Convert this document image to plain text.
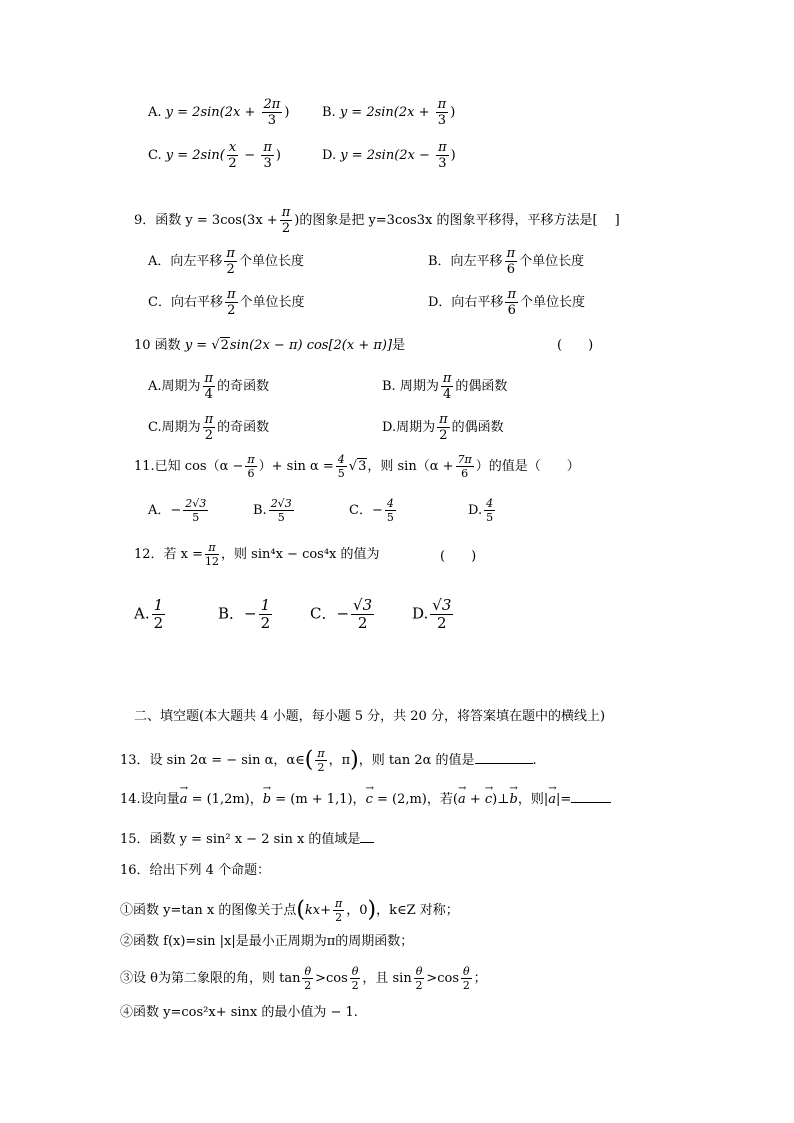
A. $y = 2\sin(2x + \frac{2\pi}{3}$ )	B. $y = 2\sin(2x + \frac{\pi}{3}$ )
C. $y = 2\sin( \frac{x}{2} - \frac{\pi}{3}$ )	D. $y = 2\sin(2x - \frac{\pi}{3}$ )
9．函数 $y = 3\cos(3x + \frac{\pi}{2}$ )的图象是把 y=3cos3x 的图象平移得，平移方法是[　 ]
A．向左平移 $\frac{\pi}{2}$ 个单位长度	B．向左平移 $\frac{\pi}{6}$ 个单位长度
C．向右平移 $\frac{\pi}{2}$ 个单位长度	D．向右平移 $\frac{\pi}{6}$ 个单位长度
10 函数 y = √2sin(2x − π) cos[2(x + π)]是	(　　)
A.周期为 $\frac{\pi}{4}$ 的奇函数	B. 周期为 $\frac{\pi}{4}$ 的偶函数
C.周期为 $\frac{\pi}{2}$ 的奇函数	D.周期为 $\frac{\pi}{2}$ 的偶函数
11.已知 $\cos(\alpha - \frac{\pi}{6}$ ）+ $\sin \alpha = \frac{4}{5} √3$，则 $\sin(\alpha + \frac{7\pi}{6}$ ）的值是（　　）
A．− $\frac{2√3}{5}$	B. $\frac{2√3}{5}$	C．− $\frac{4}{5}$	D. $\frac{4}{5}$
12．若 $x = \frac{\pi}{12}$ ，则 sin⁴x − cos⁴x 的值为	(　　)
A. $\frac{1}{2}$	B．− $\frac{1}{2}$	C．− $\frac{√3}{2}$	D. $\frac{√3}{2}$
二、填空题(本大题共 4 小题，每小题 5 分，共 20 分，将答案填在题中的横线上)
13．设 sin 2α = − sin α，α∈( $\frac{\pi}{2}$ ，π)，则 tan 2α 的值是	.
14.设向量→ a = (1,2m)，→ b = (m + 1,1)，→ c = (2,m)，若(→ a + → c)⊥→ b，则|→ a|=
15．函数 y = sin² x − 2 sin x 的值域是
16．给出下列 4 个命题：
①函数 y=tan x 的图像关于点($kx+ \frac{\pi}{2}$ ，0)，k∈Z 对称；
②函数 f(x)=sin |x|是最小正周期为π的周期函数；
③设 θ为第二象限的角，则 $\tan \frac{\theta}{2} >\cos \frac{\theta}{2}$ ，且 $\sin \frac{\theta}{2} >\cos \frac{\theta}{2}$ ；
④函数 y=cos²x+ sinx 的最小值为 − 1.
